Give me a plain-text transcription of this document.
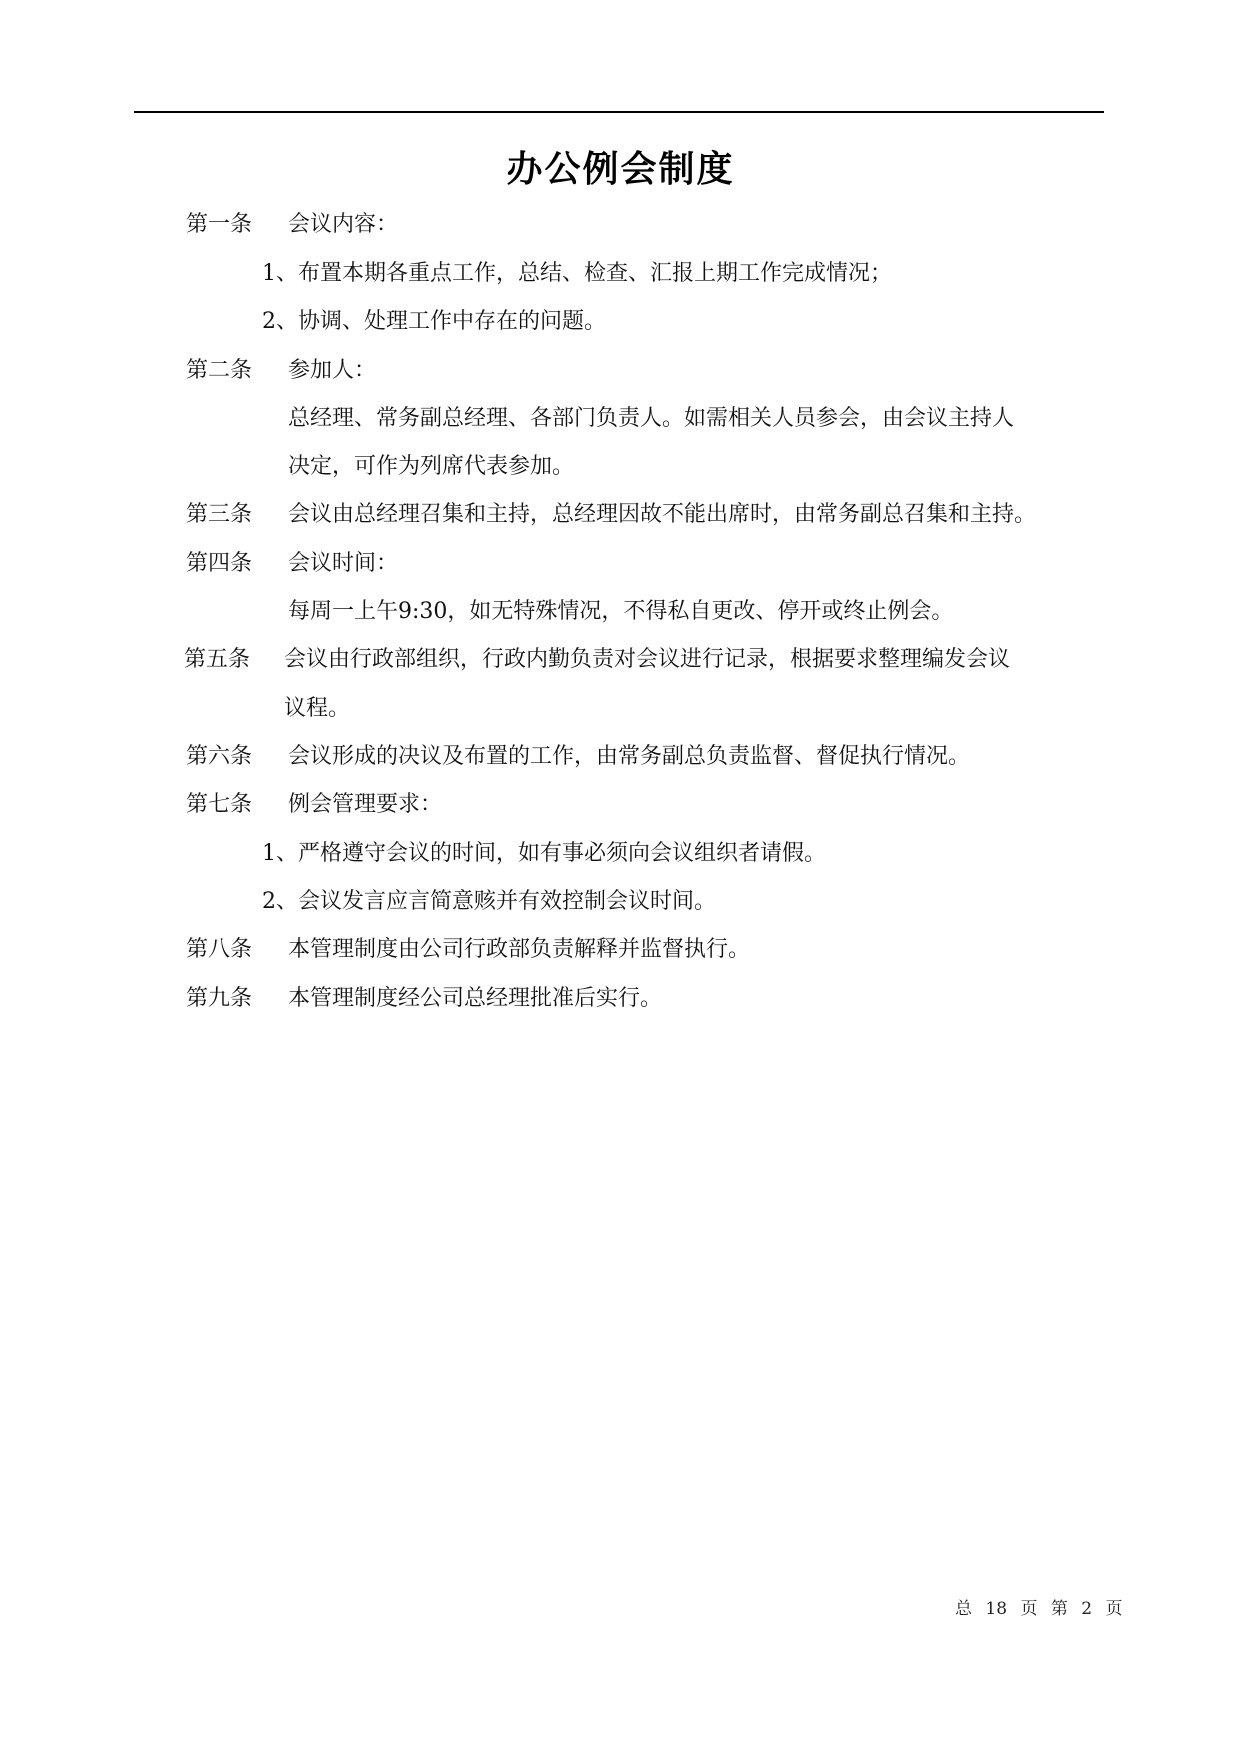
办公例会制度
第一条 会议内容：
1、布置本期各重点工作，总结、检查、汇报上期工作完成情况；
2、协调、处理工作中存在的问题。
第二条 参加人：
总经理、常务副总经理、各部门负责人。如需相关人员参会，由会议主持人
决定，可作为列席代表参加。
第三条 会议由总经理召集和主持，总经理因故不能出席时，由常务副总召集和主持。
第四条 会议时间：
每周一上午9:30，如无特殊情况，不得私自更改、停开或终止例会。
第五条 会议由行政部组织，行政内勤负责对会议进行记录，根据要求整理编发会议
议程。
第六条 会议形成的决议及布置的工作，由常务副总负责监督、督促执行情况。
第七条 例会管理要求：
1、严格遵守会议的时间，如有事必须向会议组织者请假。
2、会议发言应言简意赅并有效控制会议时间。
第八条 本管理制度由公司行政部负责解释并监督执行。
第九条 本管理制度经公司总经理批准后实行。
总 18 页 第 2 页
